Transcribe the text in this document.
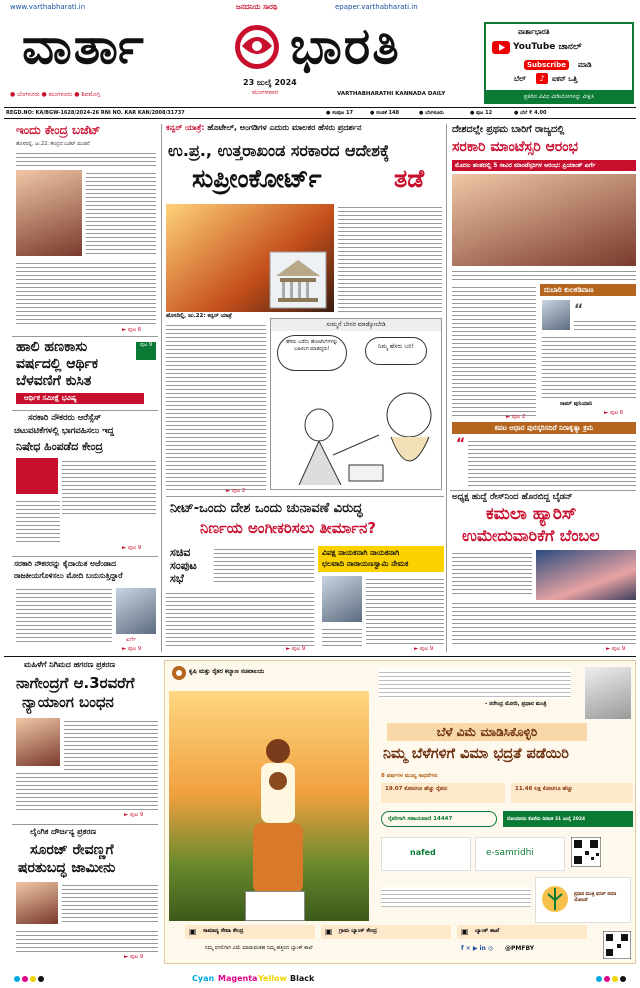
www.varthabharati.in	epaper.varthabharati.in
ಜನದನಿಯ ಸಾರಥಿ
ವಾರ್ತಾ	ಭಾರತಿ
23 ಜುಲೈ 2024
ಮಂಗಳವಾರ
● ಬೆಂಗಳೂರು ● ಮಂಗಳೂರು ● ಶಿವಮೊಗ್ಗ	VARTHABHARATHI KANNADA DAILY
ವಾರ್ತಾಭಾರತಿ
YouTube ಚಾನಲ್
Subscribe	ಮಾಡಿ
ಬೆಲ್	♪	ಐಕನ್ ಒತ್ತಿ
ಪ್ರತಿದಿನ ವಿವಿಧ ವೀಡಿಯೋಗಳನ್ನು ವೀಕ್ಷಿಸಿ
REGD.NO: KA/BGW-1628/2024-26 RNI NO. KAR KAN/2008/31737	● ಸಂಪುಟ 17	● ಸಂಚಿಕೆ 148	● ಬೆಂಗಳೂರು	● ಪುಟ 12	● ಬೆಲೆ ₹ 4.00
ಇಂದು ಕೇಂದ್ರ ಬಜೆಟ್
ಹೊಸದಿಲ್ಲಿ, ಜು.22: ಕೇಂದ್ರದ ಬಜೆಟ್ ಮಂಡನೆ
► ಪುಟ 6
ಹಾಲಿ ಹಣಕಾಸು
ವರ್ಷದಲ್ಲಿ ಆರ್ಥಿಕ
ಬೆಳವಣಿಗೆ ಕುಸಿತ
ಪುಟ 9
ಆರ್ಥಿಕ ಸಮೀಕ್ಷೆ ಭವಿಷ್ಯ
ಸರಕಾರಿ ನೌಕರರು ಆರೆಸ್ಸೆಸ್
ಚಟುವಟಿಕೆಗಳಲ್ಲಿ ಭಾಗವಹಿಸಲು ಇದ್ದ
ನಿಷೇಧ ಹಿಂಪಡೆದ ಕೇಂದ್ರ
► ಪುಟ 9
ಸರಕಾರಿ ನೌಕರರನ್ನು ಕೈದಾಯಿತ ಅಜೆಂಡಾದ
ರಾಜಕೀಯಗೊಳಿಸಲು ಮೋದಿ ಬಯಸುತ್ತಿದ್ದಾರೆ
ಖರ್ಗೆ
► ಪುಟ 9
ಕನ್ವರ್ ಯಾತ್ರೆ: ಹೊಟೇಲ್, ಅಂಗಡಿಗಳ ಎದುರು ಮಾಲಕರ ಹೆಸರು ಪ್ರದರ್ಶನ
ಉ.ಪ್ರ., ಉತ್ತರಾಖಂಡ ಸರಕಾರದ ಆದೇಶಕ್ಕೆ
ಸುಪ್ರೀಂಕೋರ್ಟ್	ತಡೆ
ಹೊಸದಿಲ್ಲಿ, ಜು.22: ಕನ್ವರ್ ಯಾತ್ರೆ
► ಪುಟ 2
ಸುಮ್ಮನೆ ಬೇಸರ ಮಾಡ್ಕೋಬೇಡಿ
ಹೆಸರು ಬರೆದು ಹೋಟೆಲ್‌ಗಳನ್ನು ಬಹಿರಂಗ ಮಾಡಿದ್ದರು!	ನಿಮ್ಮ ಹೆಸರು ಬರಿ!
ನೀಟ್-ಒಂದು ದೇಶ ಒಂದು ಚುನಾವಣೆ ವಿರುದ್ಧ
ನಿರ್ಣಯ ಅಂಗೀಕರಿಸಲು ತೀರ್ಮಾನ?
ಸಚಿವ
ಸಂಪುಟ
ಸಭೆ
► ಪುಟ 9
ವಿಪಕ್ಷ ನಾಯಕನಾಗಿ ನಾಯಕನಾಗಿ
ಛಲವಾದಿ ನಾರಾಯಣಸ್ವಾಮಿ ನೇಮಕ
► ಪುಟ 9
ದೇಶದಲ್ಲೇ ಪ್ರಥಮ ಬಾರಿಗೆ ರಾಜ್ಯದಲ್ಲಿ
ಸರಕಾರಿ ಮಾಂಟೆಸ್ಸರಿ ಆರಂಭ
ಮೊದಲ ಹಂತದಲ್ಲಿ 5 ಸಾವಿರ ಮಾಂಟೆಸ್ಸರಿಗಳ ಆರಂಭ: ಪ್ರಿಯಾಂಕ್ ಖರ್ಗೆ
► ಪುಟ 2
ದುಬಾರಿ ಕುಲಕಡಿವಾಣ
“
ರಾಮ್ ಪುನಿಯಾನಿ
► ಪುಟ 6
ಕಪಟ ಆಧಾರ ಪುರಸ್ಕರಿಸದಿರೆ ನಿರಾಕೃತ್ಯಾ ಕ್ರಮ
“
ಅಧ್ಯಕ್ಷ ಹುದ್ದೆ ರೇಸ್‌ನಿಂದ ಹೊರಬಿದ್ದ ಬೈಡನ್
ಕಮಲಾ ಹ್ಯಾರಿಸ್
ಉಮೇದುವಾರಿಕೆಗೆ ಬೆಂಬಲ
► ಪುಟ 9
ಮಹಿಳೆಗೆ ನಿಗಿಮದ ಹಗರಣ ಪ್ರಕರಣ
ನಾಗೇಂದ್ರಗೆ ಆ.3ರವರೆಗೆ
ನ್ಯಾಯಾಂಗ ಬಂಧನ
► ಪುಟ 9
ಲೈಂಗಿಕ ದೌರ್ಜನ್ಯ ಪ್ರಕರಣ
ಸೂರಜ್ ರೇವಣ್ಣಗೆ
ಷರತುಬದ್ಧ ಜಾಮೀನು
► ಪುಟ 9
ಕೃಷಿ ಮತ್ತು ರೈತರ ಕಲ್ಯಾಣ ಸಚಿವಾಲಯ
- ನರೇಂದ್ರ ಮೋದಿ, ಪ್ರಧಾನ ಮಂತ್ರಿ
ಬೆಳೆ ವಿಮೆ ಮಾಡಿಸಿಕೊಳ್ಳಿರಿ
ನಿಮ್ಮ ಬೆಳೆಗಳಿಗೆ ವಿಮಾ ಭದ್ರತೆ ಪಡೆಯಿರಿ
8 ವರ್ಷಗಳ ಮುಖ್ಯ ಸಾಧನೆಗಳು
19.07 ಕೋಟಿಗೂ ಹೆಚ್ಚು ರೈತರು	11.46 ಲಕ್ಷ ಕೋಟಿಗೂ ಹೆಚ್ಚು
ರೈತರಿಗಾಗಿ ಸಹಾಯವಾಣಿ 14447	ನೋಂದಣಿಯ ಕೊನೆಯ ದಿನಾಂಕ 31 ಜುಲೈ 2024
nafed	e-samridhi
ಪ್ರಧಾನ ಮಂತ್ರಿ ಫಸಲ್ ಬಿಮಾ ಯೋಜನೆ
▣ ಸಾಮಾನ್ಯ ಸೇವಾ ಕೇಂದ್ರ	▣ ಗ್ರಾಮ ಬ್ಯಾಂಕ್ ಕೇಂದ್ರ	▣ ಬ್ಯಾಂಕ್ ಶಾಖೆ
ನಿಮ್ಮ ಫಸಲಿಗಾಗಿ ವಿಮೆ ಮಾಡುವಂತಹ ನಿಮ್ಮ ಹತ್ತಿರದ ಬ್ಯಾಂಕ್ ಶಾಖೆ	f ✕ ▶ in ◎ @PMFBY
Cyan Magenta Yellow Black
